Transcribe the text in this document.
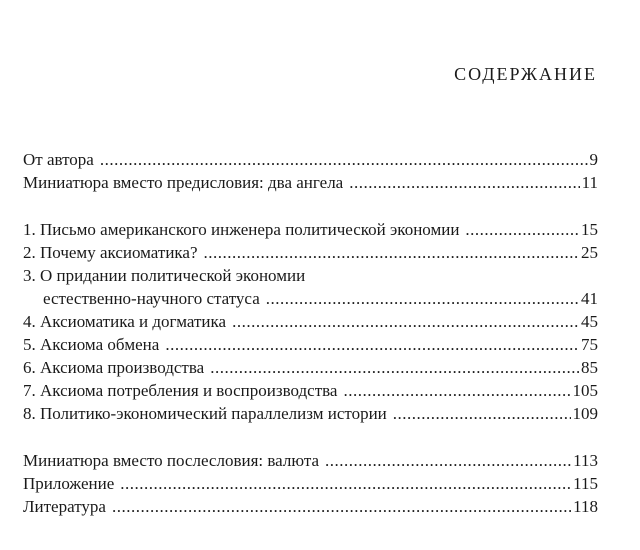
содержание
От автора .....	9
Миниатюра вместо предисловия: два ангела .....	11
1. Письмо американского инженера политической экономии .....	15
2. Почему аксиоматика? .....	25
3. О придании политической экономии
естественно-научного статуса .....	41
4. Аксиоматика и догматика .....	45
5. Аксиома обмена .....	75
6. Аксиома производства .....	85
7. Аксиома потребления и воспроизводства .....	105
8. Политико-экономический параллелизм истории .....	109
Миниатюра вместо послесловия: валюта .....	113
Приложение .....	115
Литература .....	118
